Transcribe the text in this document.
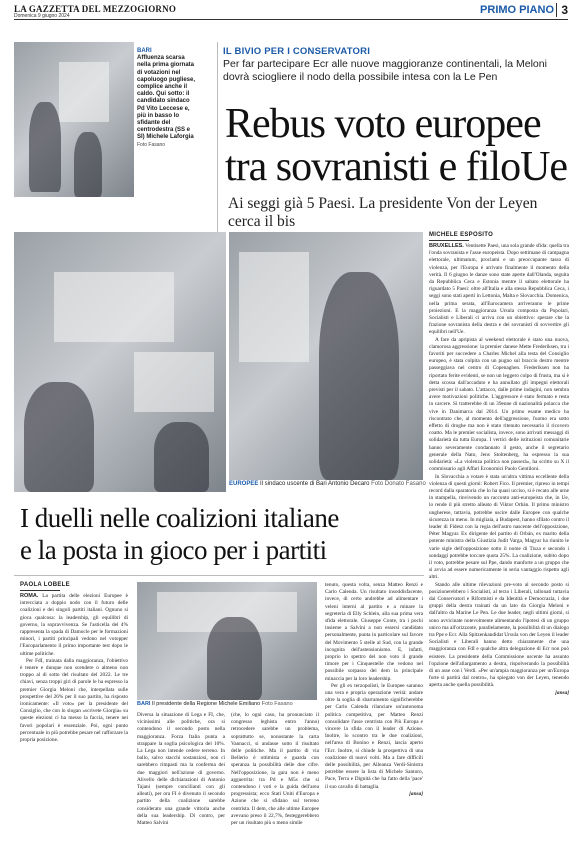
LA GAZZETTA DEL MEZZOGIORNO
Domenica 9 giugno 2024	PRIMO PIANO 3
BARI
Affluenza scarsa nella prima giornata di votazioni nel capoluogo pugliese, complice anche il caldo. Qui sotto: il candidato sindaco Pd Vito Leccese e, più in basso lo sfidante del centrodestra (SS e SI) Michele Laforgia
Foto Fasano
IL BIVIO PER I CONSERVATORI
Per far partecipare Ecr alle nuove maggioranze continentali, la Meloni dovrà sciogliere il nodo della possibile intesa con la Le Pen
Rebus voto europee
tra sovranisti e filoUe
Ai seggi già 5 Paesi. La presidente Von der Leyen cerca il bis
EUROPEE Il sindaco uscente di Bari Antonio Decaro Foto Donato Fasano
MICHELE ESPOSITO

BRUXELLES. Ventisette Paesi, una sola grande sfida: quella tra l'onda sovranista e l'asse europeista. Dopo settimane di campagna elettorale, ultimatum, proclami e un preoccupante tasso di violenza, per l'Europa è arrivato finalmente il momento della verità. Il 6 giugno le danze sono state aperte dall'Olanda, seguita da Repubblica Ceca e Estonia mentre il sabato elettorale ha riguardato 5 Paesi: oltre all'Italia e alla stessa Repubblica Ceca, i seggi sono stati aperti in Lettonia, Malta e Slovacchia. Domenica, nella prima serata, all'Eurocamera arriveranno le prime proiezioni. E la maggioranza Ursula composta da Popolari, Socialisti e Liberali ci arriva con un obiettivo: sperare che la frazione sovranista della destra e dei sovranisti di sovvertire gli equilibri nell'Ue.

A fare da apripista al weekend elettorale è stato una nuova, clamorosa aggressione: la premier danese Mette Frederiksen, tra i favoriti per succedere a Charles Michel alla testa del Consiglio europeo, è stata colpita con un pugno sul braccio destro mentre passeggiava nel centro di Copenaghen. Frederiksen non ha riportato ferite evidenti, se non un leggero colpo di frusta, ma si è detta scossa dall'accaduto e ha annullato gli impegni elettorali previsti per il sabato. L'attacco, dalle prime indagini, non sembra avere motivazioni politiche. L'aggressore è stato fermato e resta in carcere. Si tratterebbe di un 39enne di nazionalità polacca che vive in Danimarca dal 2014. Un primo esame medico ha riscontrato che, al momento dell'aggressione, l'uomo era sotto effetto di droghe ma non è stato ritenuto necessario il ricovero coatto. Ma le premier socialista, invece, sono arrivati messaggi di solidarietà da tutta Europa. I vertici delle istituzioni comunitarie hanno severamente condannato il gesto, anche il segretario generale della Nato, Jens Stoltenberg, ha espresso la sua solidarietà: «La violenza politica non passerà», ha scritto su X il commissario agli Affari Economici Paolo Gentiloni.

In Slovacchia a votare è stata un'altra vittima eccellente della violenza di questi giorni: Robert Fico. Il premier, ripreso in tempi record dalla sparatoria che lo ha quasi ucciso, si è recato alle urne in stampella, rinvivendo un racconto anti-europeista che, in Ue, lo rende il più stretto alleato di Viktor Orbán. Il primo ministro ungherese, tuttavia, potrebbe uscire dalle Europee con qualche sicurezza in meno. In migliaia, a Budapest, hanno sfilato contro il leader di Fidesz con la regia dell'astro nascente dell'opposizione, Péter Magyar. Ex dirigente del partito di Orbán, ex marito della potente ministra della Giustizia Judit Varga, Magyar ha riunito le varie sigle dell'opposizione sotto il nome di Tisza e secondo i sondaggi potrebbe toccare quota 25%. La coalizione, subito dopo il voto, potrebbe pesare sul Ppe, dando manforte a un gruppo che si avvia ad essere numericamente in seria vantaggio rispetto agli altri.

Stando alle ultime rilevazioni pre-voto al secondo posto si posizionerebbero i Socialisti, al terzo i Liberali, tallonati tuttavia dai Conservatori e Riformisti e da Identità e Democrazia, i due gruppi della destra trainati da un lato da Giorgia Meloni e dall'altro da Marine Le Pen. Le due leader, negli ultimi giorni, si sono avvicinate notevolmente alimentando l'ipotesi di un gruppo unico ma all'orizzonte, parallelamente, la possibilità di un dialogo tra Ppe e Ecr. Alla Spitzenkandidat Ursula von der Leyen il leader Socialisti e Liberali hanno detto chiaramente che una maggioranza con FdI e qualche altra delegazione di Ecr non può esistere. La presidente della Commissione uscente ha assunto l'opzione dell'allargamento a destra, rispolverando la possibilità di un asse con i Verdi. «Per un'ampia maggioranza per un'Europa forte si partirà dal centro», ha spiegato von der Leyen, tenendo aperta anche quella possibilità.

[ansa]
I duelli nelle coalizioni italiane
e la posta in gioco per i partiti
PAOLA LOBELE

ROMA. La partita delle elezioni Europee è intrecciata a doppio nodo con il futuro delle coalizioni e dei singoli partiti italiani. Ognuno si gioca qualcosa: la leadership, gli equilibri di governo, la sopravvivenza. Se l'asticella del 4% rappresenta la spada di Damocle per le formazioni minori, i partiti principali vedono nel votopper l'Europarlamento il primo importante test dopo le ultime politiche.

Per FdI, trainata dalla maggioranza, l'obiettivo è tenere e dunque non scendere o almeno non troppo al di sotto del risultato del 2022. Le tre chiavi, senza troppi giri di parole le ha espresso la premier Giorgia Meloni che, interpellata sulle prospettive del 26% per il suo partito, ha risposto ironicamente: «Il voto» per la presidente del Consiglio, che con lo slogan «scrivete Giorgia» su queste elezioni ci ha messo la faccia, tenere nei favori popolari è essenziale. Poi, ogni punto percentuale in più potrebbe pesare nel rafforzare la propria posizione.

BARI Il presidente della Regione Michele Emiliano Foto Fasano

Diversa la situazione di Lega e FI, che, vicinissimi alle politiche, ora si contendono il secondo posto nella maggioranza. Forza Italia punta a strappare la soglia psicologica del 10%. La Lega non intende cedere terreno. In ballo, salvo stacchi sostanziosi, non ci sarebbero rimpasti ma la conferma dei due maggiori nell'azione di governo. Alivello delle dichiarazioni di Antonio Tajani (sempre concilianti con gli alleati), per ora FI è divenuto il secondo partito della coalizione sarebbe considerato una grande vittoria anche della sua leadership. Di contro, per Matteo Salvini

(che, lo ogni caso, ha pronunciato il congresso leghista entro l'anno) retrocedere sarebbe un problema, soprattutto se, nonostante la carta Vannacci, si andasse sotto il risultato delle politiche. Ma il partito di via Bellerio è ottimista e guarda con speranza la possibilità delle due cifre. Nell'opposizione, la gara non è meno agguerrita: tra Pd e M5s che si contendono i voti e la guida dell'area progressista; ecco Stati Uniti d'Europa e Azione che si sfidano sul terreno centrista. Il dem, che alle ultime Europee avevano preso il 22,7%, festeggerebbero per un risultato più o meno simile

tenuto, questa volta, senza Matteo Renzi e Carlo Calenda. Un risultato insoddisfacente, invece, di certo andrebbe ad alimentare i veleni interni al partito e a minare la segreteria di Elly Schlein, alla sua prima vera sfida elettorale. Giuseppe Conte, tra i pochi insieme a Salvini a non essersi candidato personalmente, punta in particolare sul favore del Movimento 5 stelle al Sud, con la grande incognita dell'astensionismo. E, infatti, proprio lo spettro del non voto il grande timore per i Cinquestelle che vedono nel possibile sorpasso dei dem la principale minaccia per la loro leadership.

Per gli ex terzopolisti, le Europee saranno una vera e propria operazione verità: andare oltre la soglia di sbarramento significherebbe per Carlo Calenda rilanciare un'autonoma politica competitiva, per Matteo Renzi consolidare l'asse centrista con Più Europa e vincere la sfida con il leader di Azione. Inoltre, lo scontro tra le due coalizioni, nell'area di Bonino e Renzi, lascia aperto l'Ecr. Inoltre, si chiude la prospettiva di una coalizione di nuovi volti. Ma a fare difficili delle possibilità, per Alleanza Verdi-Sinistra potrebbe essere la lista di Michele Santoro, Pace, Terra e Dignità che ha fatto della 'pace' il suo cavallo di battaglia.

[ansa]
